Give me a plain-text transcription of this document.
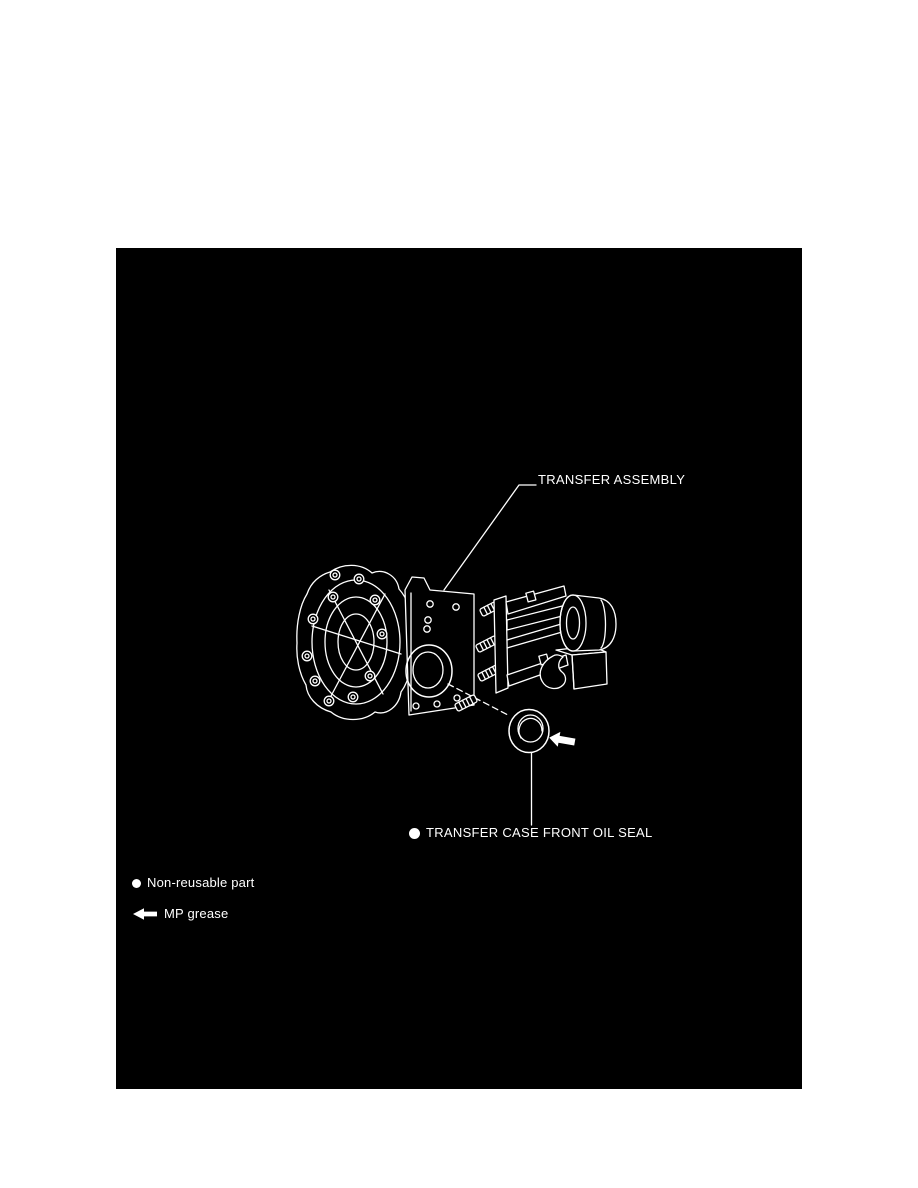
TRANSFER ASSEMBLY
TRANSFER CASE FRONT OIL SEAL
Non-reusable part
MP grease
